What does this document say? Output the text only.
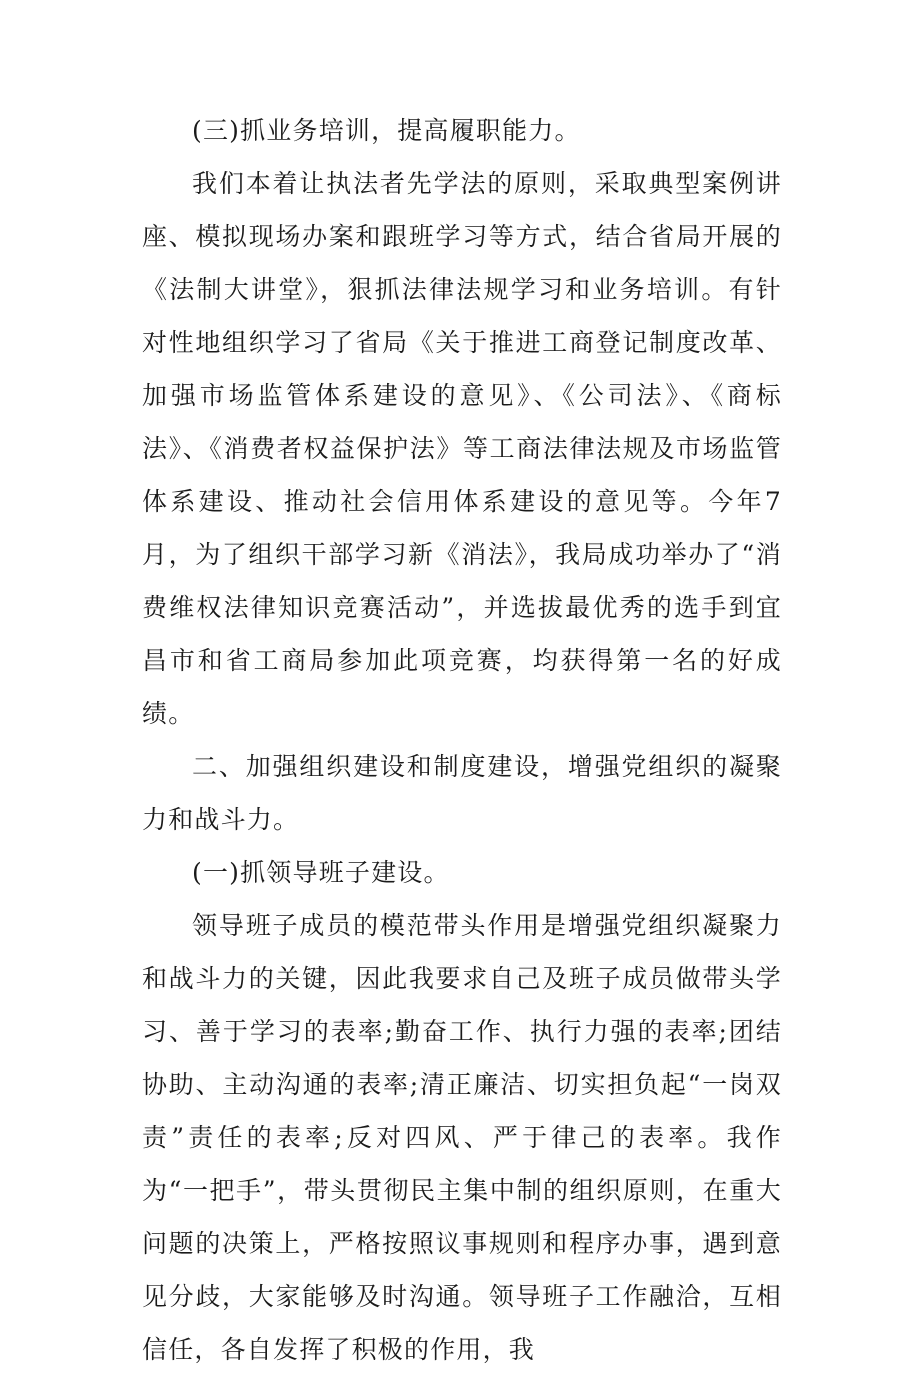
(三)抓业务培训，提高履职能力。

我们本着让执法者先学法的原则，采取典型案例讲座、模拟现场办案和跟班学习等方式，结合省局开展的《法制大讲堂》，狠抓法律法规学习和业务培训。有针对性地组织学习了省局《关于推进工商登记制度改革、加强市场监管体系建设的意见》、《公司法》、《商标法》、《消费者权益保护法》等工商法律法规及市场监管体系建设、推动社会信用体系建设的意见等。今年7月，为了组织干部学习新《消法》，我局成功举办了“消费维权法律知识竞赛活动”，并选拔最优秀的选手到宜昌市和省工商局参加此项竞赛，均获得第一名的好成绩。

二、加强组织建设和制度建设，增强党组织的凝聚力和战斗力。

(一)抓领导班子建设。

领导班子成员的模范带头作用是增强党组织凝聚力和战斗力的关键，因此我要求自己及班子成员做带头学习、善于学习的表率;勤奋工作、执行力强的表率;团结协助、主动沟通的表率;清正廉洁、切实担负起“一岗双责”责任的表率;反对四风、严于律己的表率。我作为“一把手”，带头贯彻民主集中制的组织原则，在重大问题的决策上，严格按照议事规则和程序办事，遇到意见分歧，大家能够及时沟通。领导班子工作融洽，互相信任，各自发挥了积极的作用，我
